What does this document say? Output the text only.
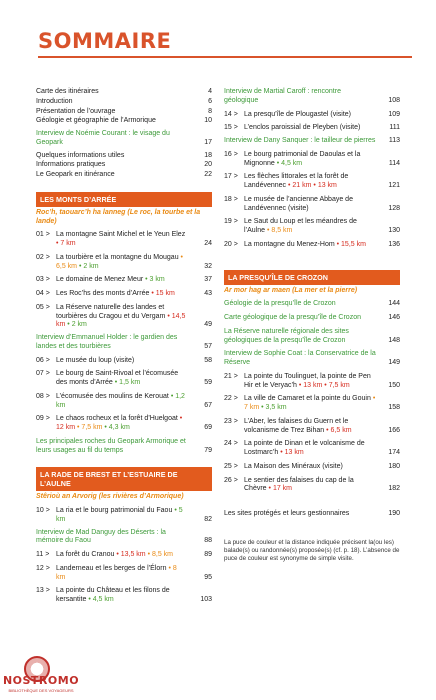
SOMMAIRE
Carte des itinéraires	4
Introduction	6
Présentation de l’ouvrage	8
Géologie et géographie de l’Armorique	10
Interview de Noémie Courant : le visage du Geopark	17
Quelques informations utiles	18
Informations pratiques	20
Le Geopark en itinérance	22
LES MONTS D’ARRÉE
Roc’h, taouarc’h ha lanneg (Le roc, la tourbe et la lande)
01 > La montagne Saint Michel et le Yeun Elez • 7 km	24
02 > La tourbière et la montagne du Mougau • 6,5 km • 2 km	32
03 > Le domaine de Menez Meur • 3 km	37
04 > Les Roc’hs des monts d’Arrée • 15 km	43
05 > La Réserve naturelle des landes et tourbières du Cragou et du Vergam • 14,5 km • 2 km	49
Interview d’Emmanuel Holder : le gardien des landes et des tourbières	57
06 > Le musée du loup (visite)	58
07 > Le bourg de Saint-Rivoal et l’écomusée des monts d’Arrée • 1,5 km	59
08 > L’écomusée des moulins de Kerouat • 1,2 km	67
09 > Le chaos rocheux et la forêt d’Huelgoat • 12 km • 7,5 km • 4,3 km	69
Les principales roches du Geopark Armorique et leurs usages au fil du temps	79
LA RADE DE BREST ET L’ESTUAIRE DE L’AULNE
Stêrioù an Arvorig (les rivières d’Armorique)
10 > La ria et le bourg patrimonial du Faou • 5 km	82
Interview de Mad Danguy des Déserts : la mémoire du Faou	88
11 > La forêt du Cranou • 13,5 km • 8,5 km	89
12 > Landerneau et les berges de l’Élorn • 8 km	95
13 > La pointe du Château et les filons de kersantite • 4,5 km	103
Interview de Martial Caroff : rencontre géologique	108
14 > La presqu’île de Plougastel (visite)	109
15 > L’enclos paroissial de Pleyben (visite)	111
Interview de Dany Sanquer : le tailleur de pierres 113
16 > Le bourg patrimonial de Daoulas et la Mignonne • 4,5 km	114
17 > Les flèches littorales et la forêt de Landévennec • 21 km • 13 km	121
18 > Le musée de l’ancienne Abbaye de Landévennec (visite)	128
19 > Le Saut du Loup et les méandres de l’Aulne • 8,5 km	130
20 > La montagne du Menez-Hom • 15,5 km	136
LA PRESQU’ÎLE DE CROZON
Ar mor hag ar maen (La mer et la pierre)
Géologie de la presqu’île de Crozon	144
Carte géologique de la presqu’île de Crozon	146
La Réserve naturelle régionale des sites géologiques de la presqu’île de Crozon	148
Interview de Sophie Coat : la Conservatrice de la Réserve	149
21 > La pointe du Toulinguet, la pointe de Pen Hir et le Veryac’h • 13 km • 7,5 km	150
22 > La ville de Camaret et la pointe du Gouin • 7 km • 3,5 km	158
23 > L’Aber, les falaises du Guern et le volcanisme de Trez Bihan • 6,5 km	166
24 > La pointe de Dinan et le volcanisme de Lostmarc’h • 13 km	174
25 > La Maison des Minéraux (visite)	180
26 > Le sentier des falaises du cap de la Chèvre • 17 km	182
Les sites protégés et leurs gestionnaires	190
La puce de couleur et la distance indiquée précisent la(ou les) balade(s) ou randonnée(s) proposée(s) (cf. p. 18). L’absence de puce de couleur est synonyme de simple visite.
NOSTROMO
BIBLIOTHÈQUE DES VOYAGEURS
